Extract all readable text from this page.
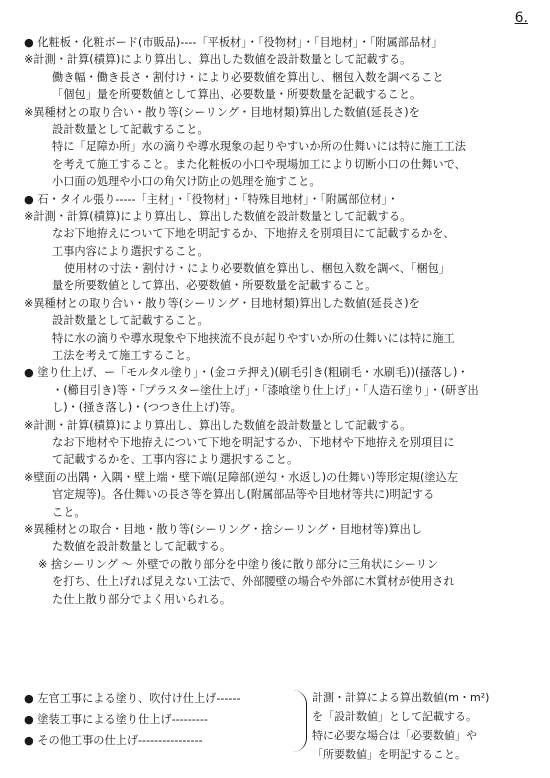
6.
● 化粧板・化粧ボード(市販品)----「平板材」・「役物材」・「目地材」・「附属部品材」
※計測・計算(積算)により算出し、算出した数値を設計数量として記載する。
働き幅・働き長さ・割付け・により必要数値を算出し、梱包入数を調べること
「個包」量を所要数値として算出、必要数量・所要数量を記載すること。
※異種材との取り合い・散り等(シーリング・目地材類)算出した数値(延長さ)を
設計数量として記載すること。
特に「足障か所」水の滴りや導水現象の起りやすいか所の仕舞いには特に施工工法
を考えて施工すること。また化粧板の小口や現場加工により切断小口の仕舞いで、
小口面の処理や小口の角欠け防止の処理を施すこと。
● 石・タイル張り-----「主材」・「役物材」・「特殊目地材」・「附属部位材」・
※計測・計算(積算)により算出し、算出した数値を設計数量として記載する。
なお下地拵えについて下地を明記するか、下地拵えを別項目にて記載するかを、
工事内容により選択すること。
使用材の寸法・割付け・により必要数値を算出し、梱包入数を調べ、「梱包」
量を所要数値として算出、必要数値・所要数量を記載すること。
※異種材との取り合い・散り等(シーリング・目地材類)算出した数値(延長さ)を
設計数量として記載すること。
特に水の滴りや導水現象や下地挟流不良が起りやすいか所の仕舞いには特に施工
工法を考えて施工すること。
● 塗り仕上げ、ー「モルタル塗り」・(金コテ押え)(刷毛引き(粗刷毛・水刷毛))(搔落し)・
・(櫛目引き)等・「プラスター塗仕上げ」・「漆喰塗り仕上げ」・「人造石塗り」・(研ぎ出
し)・(掻き落し)・(つつき仕上げ)等。
※計測・計算(積算)により算出し、算出した数値を設計数量として記載する。
なお下地材や下地拵えについて下地を明記するか、下地材や下地拵えを別項目に
て記載するかを、工事内容により選択すること。
※壁面の出隅・入隅・壁上端・壁下端(足障部(逆勾・水返し)の仕舞い)等形定規(塗込左
官定規等)。各仕舞いの長さ等を算出し(附属部品等や目地材等共に)明記する
こと。
※異種材との取合・目地・散り等(シーリング・捨シーリング・目地材等)算出し
た数値を設計数量として記載する。
※ 捨シーリング 〜 外壁での散り部分を中塗り後に散り部分に三角状にシーリン
を打ち、仕上げれば見えない工法で、外部腰壁の場合や外部に木質材が使用され
た仕上散り部分でよく用いられる。
● 左官工事による塗り、吹付け仕上げ------
● 塗装工事による塗り仕上げ---------
● その他工事の仕上げ----------------
計測・計算による算出数値(m・m²)
を「設計数値」として記載する。
特に必要な場合は「必要数値」や
「所要数値」を明記すること。
